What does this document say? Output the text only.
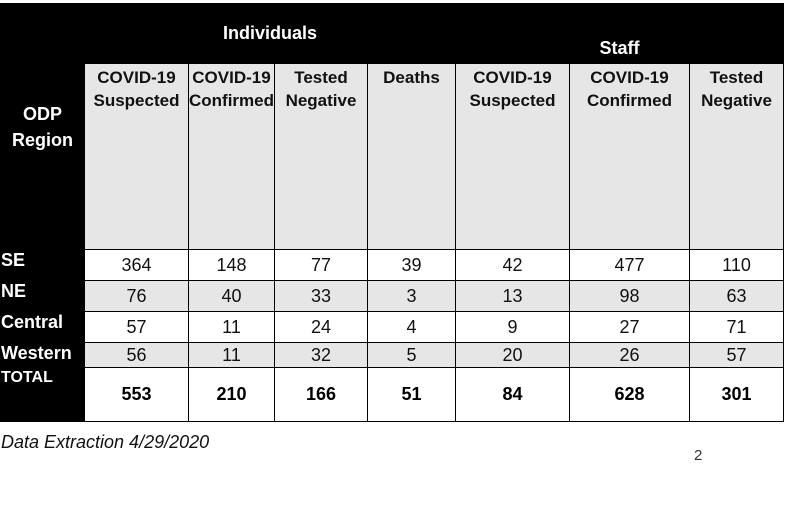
ODP Region	Individuals				Staff		
	COVID-19 Suspected	COVID-19 Confirmed	Tested Negative	Deaths	COVID-19 Suspected	COVID-19 Confirmed	Tested Negative
SE	364	148	77	39	42	477	110
NE	76	40	33	3	13	98	63
Central	57	11	24	4	9	27	71
Western	56	11	32	5	20	26	57
TOTAL	553	210	166	51	84	628	301
Data Extraction 4/29/2020
2
